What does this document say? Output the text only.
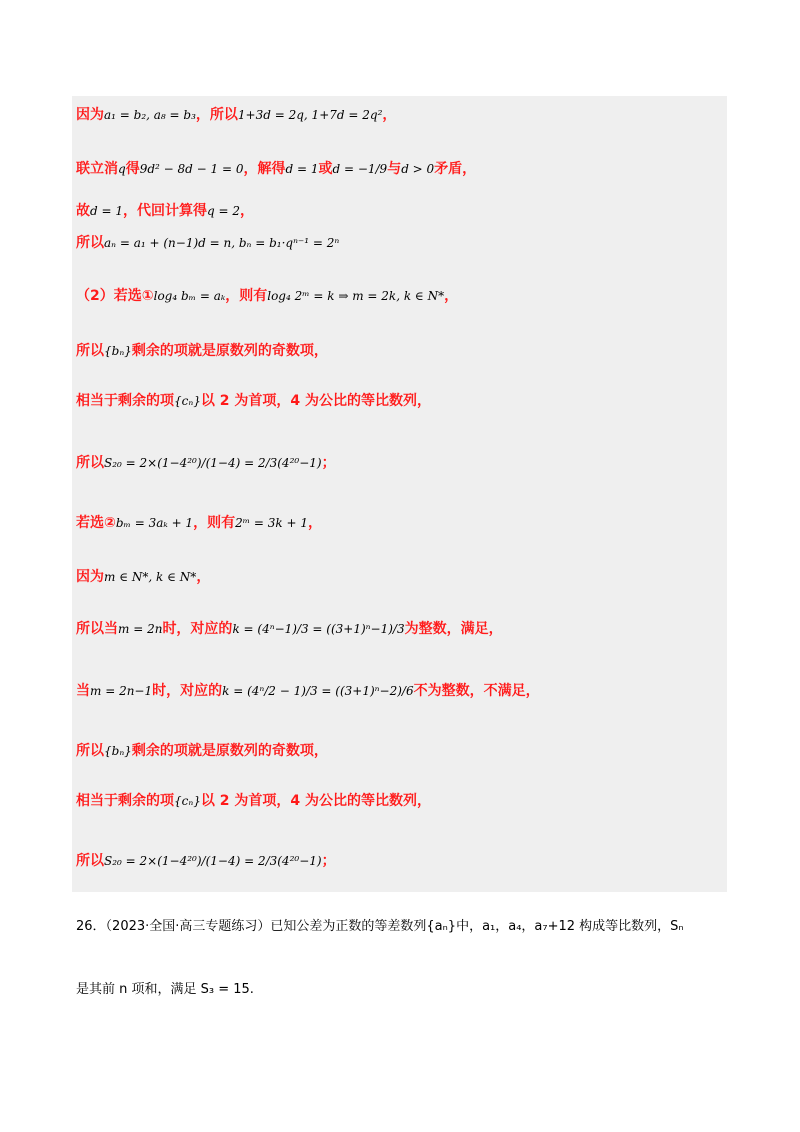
因为a₁ = b₂, a₈ = b₃，所以1+3d = 2q, 1+7d = 2q²，
联立消q得9d² − 8d − 1 = 0，解得d = 1或d = −1/9与d > 0矛盾，
故d = 1，代回计算得q = 2，
所以aₙ = a₁ + (n−1)d = n, bₙ = b₁·qⁿ⁻¹ = 2ⁿ
（2）若选①log₄ bₘ = aₖ，则有log₄ 2ᵐ = k ⇒ m = 2k, k ∈ N*，
所以{bₙ}剩余的项就是原数列的奇数项，
相当于剩余的项{cₙ}以 2 为首项，4 为公比的等比数列，
所以S₂₀ = 2×(1−4²⁰)/(1−4) = 2/3(4²⁰−1)；
若选②bₘ = 3aₖ + 1，则有2ᵐ = 3k + 1，
因为m ∈ N*, k ∈ N*，
所以当m = 2n时，对应的k = (4ⁿ−1)/3 = ((3+1)ⁿ−1)/3为整数，满足，
当m = 2n−1时，对应的k = (4ⁿ/2 − 1)/3 = ((3+1)ⁿ−2)/6不为整数，不满足，
所以{bₙ}剩余的项就是原数列的奇数项，
相当于剩余的项{cₙ}以 2 为首项，4 为公比的等比数列，
所以S₂₀ = 2×(1−4²⁰)/(1−4) = 2/3(4²⁰−1)；
26．（2023·全国·高三专题练习）已知公差为正数的等差数列{aₙ}中，a₁，a₄，a₇+12 构成等比数列，Sₙ
是其前 n 项和，满足 S₃ = 15.
